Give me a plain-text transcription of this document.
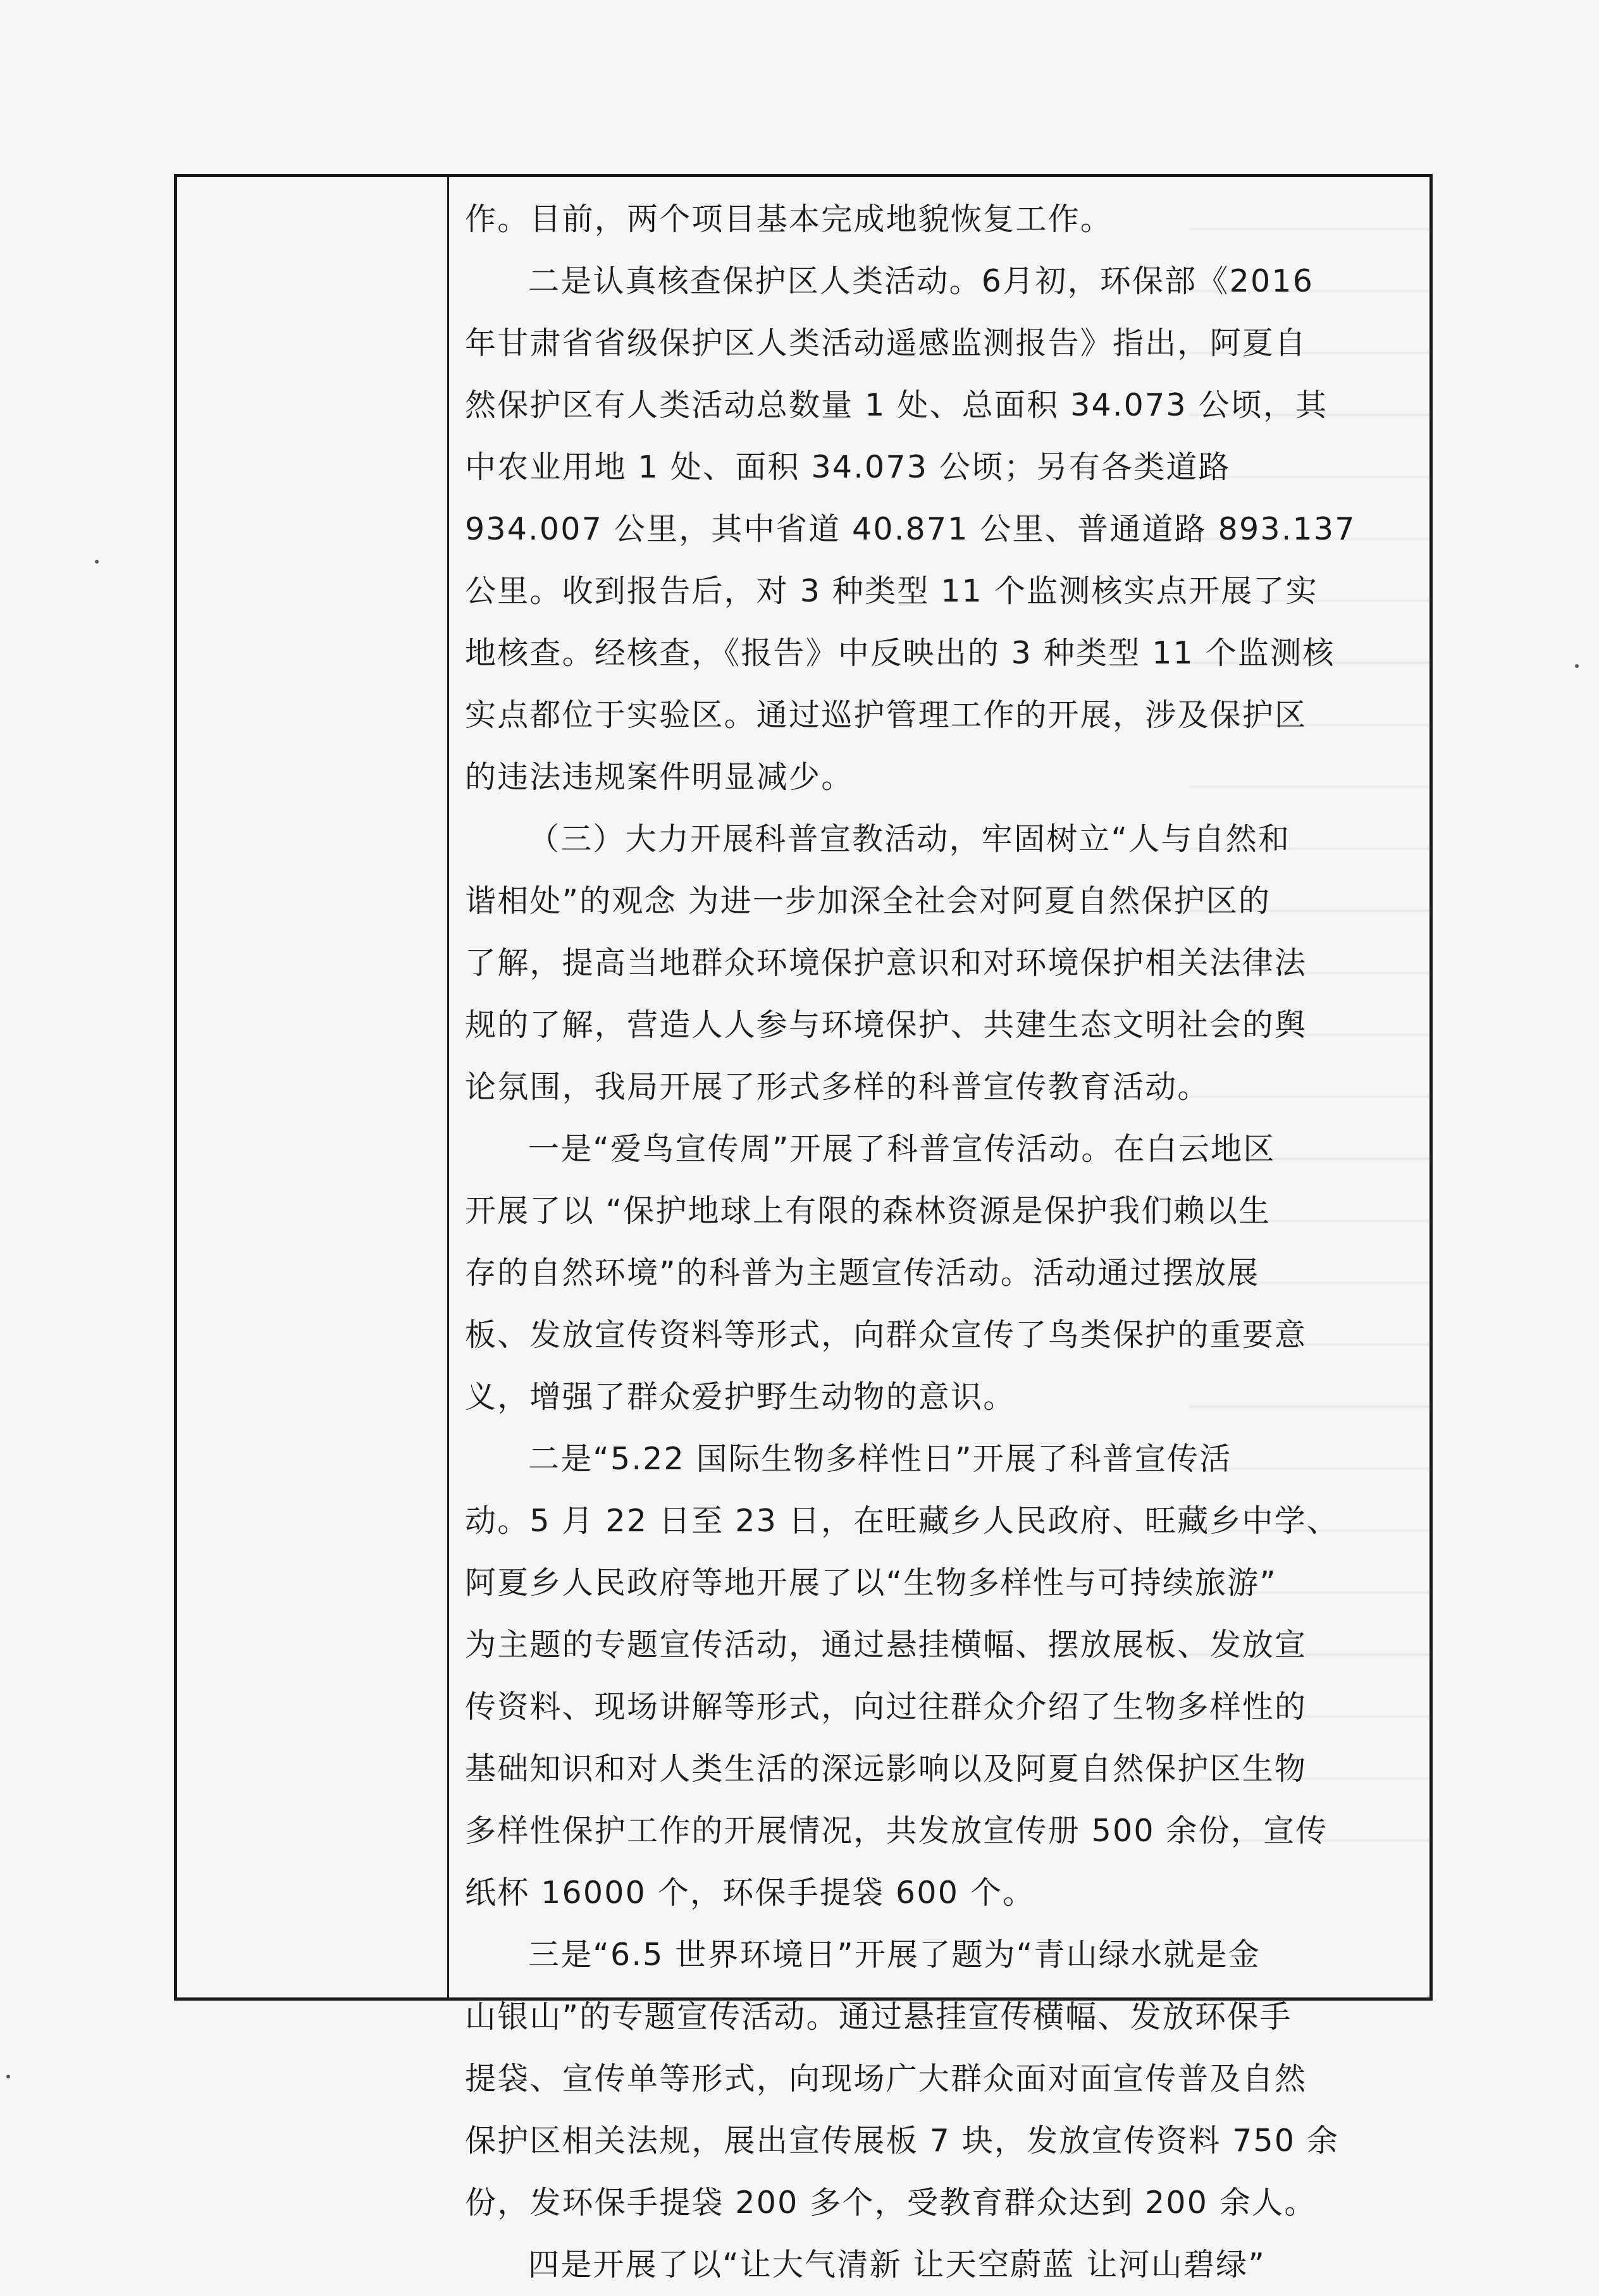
作。目前，两个项目基本完成地貌恢复工作。
二是认真核查保护区人类活动。6月初，环保部《2016
年甘肃省省级保护区人类活动遥感监测报告》指出，阿夏自
然保护区有人类活动总数量 1 处、总面积 34.073 公顷，其
中农业用地 1 处、面积 34.073 公顷；另有各类道路
934.007 公里，其中省道 40.871 公里、普通道路 893.137
公里。收到报告后，对 3 种类型 11 个监测核实点开展了实
地核查。经核查，《报告》中反映出的 3 种类型 11 个监测核
实点都位于实验区。通过巡护管理工作的开展，涉及保护区
的违法违规案件明显减少。
（三）大力开展科普宣教活动，牢固树立“人与自然和
谐相处”的观念 为进一步加深全社会对阿夏自然保护区的
了解，提高当地群众环境保护意识和对环境保护相关法律法
规的了解，营造人人参与环境保护、共建生态文明社会的舆
论氛围，我局开展了形式多样的科普宣传教育活动。
一是“爱鸟宣传周”开展了科普宣传活动。在白云地区
开展了以 “保护地球上有限的森林资源是保护我们赖以生
存的自然环境”的科普为主题宣传活动。活动通过摆放展
板、发放宣传资料等形式，向群众宣传了鸟类保护的重要意
义，增强了群众爱护野生动物的意识。
二是“5.22 国际生物多样性日”开展了科普宣传活
动。5 月 22 日至 23 日，在旺藏乡人民政府、旺藏乡中学、
阿夏乡人民政府等地开展了以“生物多样性与可持续旅游”
为主题的专题宣传活动，通过悬挂横幅、摆放展板、发放宣
传资料、现场讲解等形式，向过往群众介绍了生物多样性的
基础知识和对人类生活的深远影响以及阿夏自然保护区生物
多样性保护工作的开展情况，共发放宣传册 500 余份，宣传
纸杯 16000 个，环保手提袋 600 个。
三是“6.5 世界环境日”开展了题为“青山绿水就是金
山银山”的专题宣传活动。通过悬挂宣传横幅、发放环保手
提袋、宣传单等形式，向现场广大群众面对面宣传普及自然
保护区相关法规，展出宣传展板 7 块，发放宣传资料 750 余
份，发环保手提袋 200 多个，受教育群众达到 200 余人。
四是开展了以“让大气清新 让天空蔚蓝 让河山碧绿”
